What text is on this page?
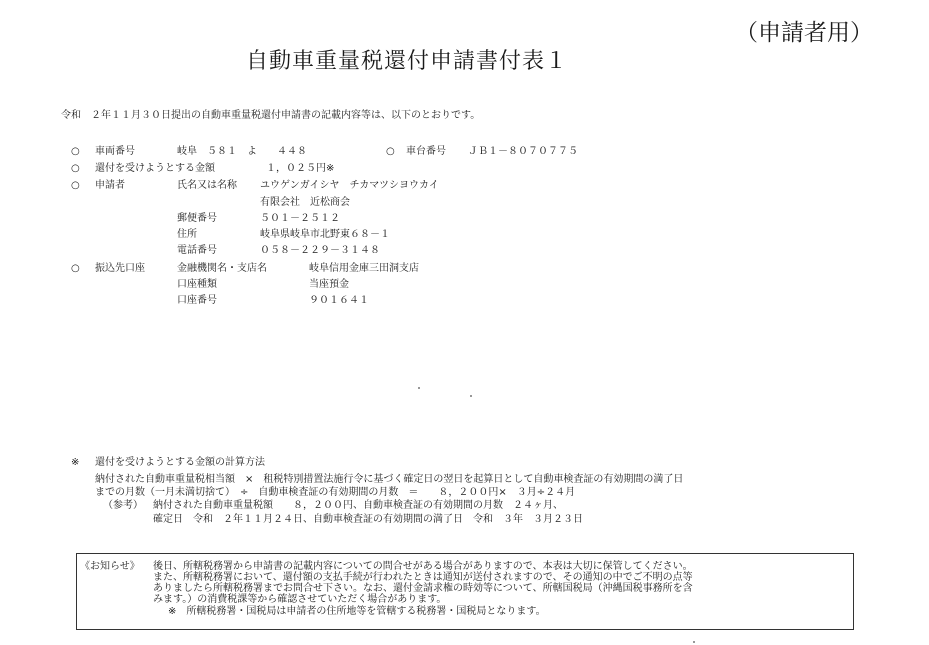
（申請者用）
自動車重量税還付申請書付表１
令和　２年１１月３０日提出の自動車重量税還付申請書の記載内容等は、以下のとおりです。
○ 車両番号	岐阜　５８１　よ　　４４８	○ 車台番号 ＪＢ１－８０７０７７５
○ 還付を受けようとする金額	１，０２５円※
○ 申請者	氏名又は名称 ユウゲンガイシヤ　チカマツシヨウカイ
有限会社　近松商会
郵便番号	５０１－２５１２
住所	岐阜県岐阜市北野東６８－１
電話番号	０５８－２２９－３１４８
○ 振込先口座	金融機関名・支店名	岐阜信用金庫三田洞支店
口座種類	当座預金
口座番号	９０１６４１
※ 還付を受けようとする金額の計算方法
納付された自動車重量税相当額　×　租税特別措置法施行令に基づく確定日の翌日を起算日として自動車検査証の有効期間の満了日
までの月数（一月未満切捨て）　÷　自動車検査証の有効期間の月数　＝　　８，２００円×　３月÷２４月
（参考） 納付された自動車重量税額　　８，２００円、自動車検査証の有効期間の月数　２４ヶ月、
確定日　令和　２年１１月２４日、自動車検査証の有効期間の満了日　令和　３年　３月２３日
《お知らせ》 後日、所轄税務署から申請書の記載内容についての問合せがある場合がありますので、本表は大切に保管してください。
また、所轄税務署において、還付額の支払手続が行われたときは通知が送付されますので、その通知の中でご不明の点等
ありましたら所轄税務署までお問合せ下さい。なお、還付金請求権の時効等について、所轄国税局（沖縄国税事務所を含
みます。）の消費税課等から確認させていただく場合があります。
※　所轄税務署・国税局は申請者の住所地等を管轄する税務署・国税局となります。
